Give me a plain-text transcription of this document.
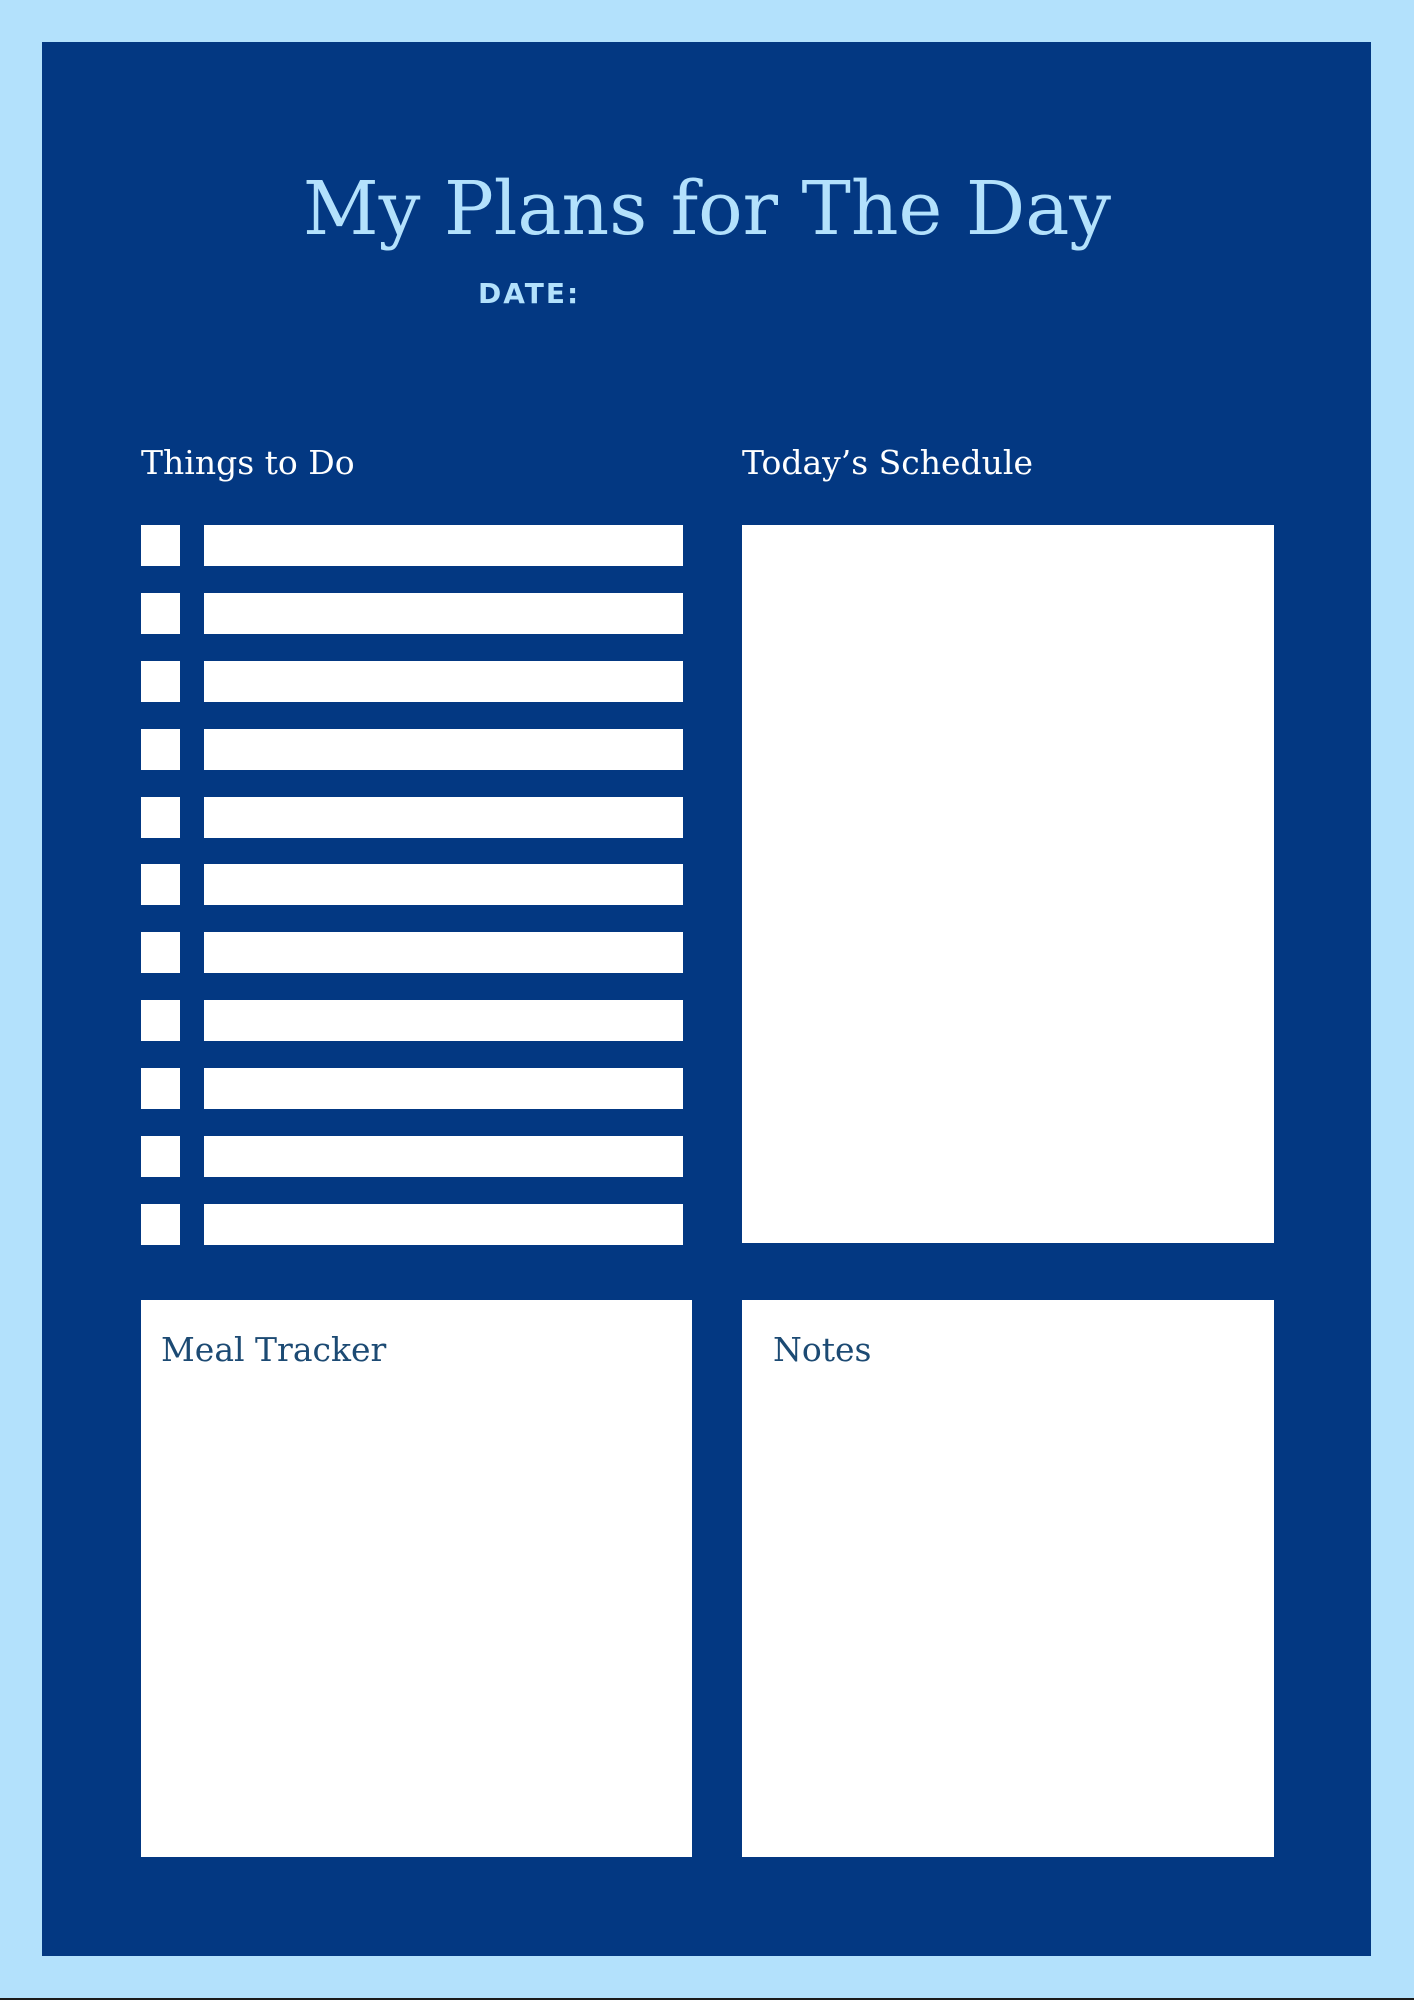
My Plans for The Day
DATE:
Things to Do	Today’s Schedule
Meal Tracker	Notes
